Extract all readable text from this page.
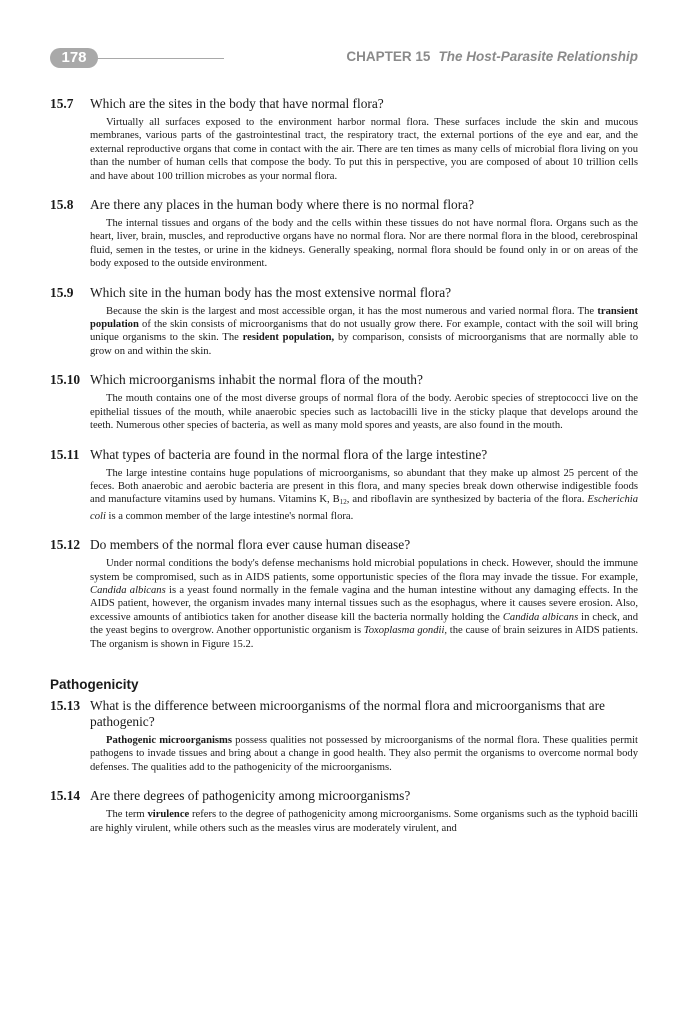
178	CHAPTER 15 The Host-Parasite Relationship
15.7 Which are the sites in the body that have normal flora?

Virtually all surfaces exposed to the environment harbor normal flora. These surfaces include the skin and mucous membranes, various parts of the gastrointestinal tract, the respiratory tract, the external portions of the eye and ear, and the external reproductive organs that come in contact with the air. There are ten times as many cells of microbial flora living on you than the number of human cells that compose the body. To put this in perspective, you are composed of about 10 trillion cells and have about 100 trillion microbes as your normal flora.

15.8 Are there any places in the human body where there is no normal flora?

The internal tissues and organs of the body and the cells within these tissues do not have normal flora. Organs such as the heart, liver, brain, muscles, and reproductive organs have no normal flora. Nor are there normal flora in the blood, cerebrospinal fluid, semen in the testes, or urine in the kidneys. Generally speaking, normal flora should be found only in or on areas of the body exposed to the outside environment.

15.9 Which site in the human body has the most extensive normal flora?

Because the skin is the largest and most accessible organ, it has the most numerous and varied normal flora. The transient population of the skin consists of microorganisms that do not usually grow there. For example, contact with the soil will bring unique organisms to the skin. The resident population, by comparison, consists of microorganisms that are normally able to grow on and within the skin.

15.10 Which microorganisms inhabit the normal flora of the mouth?

The mouth contains one of the most diverse groups of normal flora of the body. Aerobic species of streptococci live on the epithelial tissues of the mouth, while anaerobic species such as lactobacilli live in the sticky plaque that develops around the teeth. Numerous other species of bacteria, as well as many mold spores and yeasts, are also found in the mouth.

15.11 What types of bacteria are found in the normal flora of the large intestine?

The large intestine contains huge populations of microorganisms, so abundant that they make up almost 25 percent of the feces. Both anaerobic and aerobic bacteria are present in this flora, and many species break down otherwise indigestible foods and manufacture vitamins used by humans. Vitamins K, $B_{12}$, and riboflavin are synthesized by bacteria of the flora. Escherichia coli is a common member of the large intestine's normal flora.

15.12 Do members of the normal flora ever cause human disease?

Under normal conditions the body's defense mechanisms hold microbial populations in check. However, should the immune system be compromised, such as in AIDS patients, some opportunistic species of the flora may invade the tissue. For example, Candida albicans is a yeast found normally in the female vagina and the human intestine without any damaging effects. In the AIDS patient, however, the organism invades many internal tissues such as the esophagus, where it causes severe erosion. Also, excessive amounts of antibiotics taken for another disease kill the bacteria normally holding the Candida albicans in check, and the yeast begins to overgrow. Another opportunistic organism is Toxoplasma gondii, the cause of brain seizures in AIDS patients. The organism is shown in Figure 15.2.

Pathogenicity
15.13 What is the difference between microorganisms of the normal flora and microorganisms that are pathogenic?

Pathogenic microorganisms possess qualities not possessed by microorganisms of the normal flora. These qualities permit pathogens to invade tissues and bring about a change in good health. They also permit the organisms to overcome normal body defenses. The qualities add to the pathogenicity of the microorganisms.

15.14 Are there degrees of pathogenicity among microorganisms?

The term virulence refers to the degree of pathogenicity among microorganisms. Some organisms such as the typhoid bacilli are highly virulent, while others such as the measles virus are moderately virulent, and
